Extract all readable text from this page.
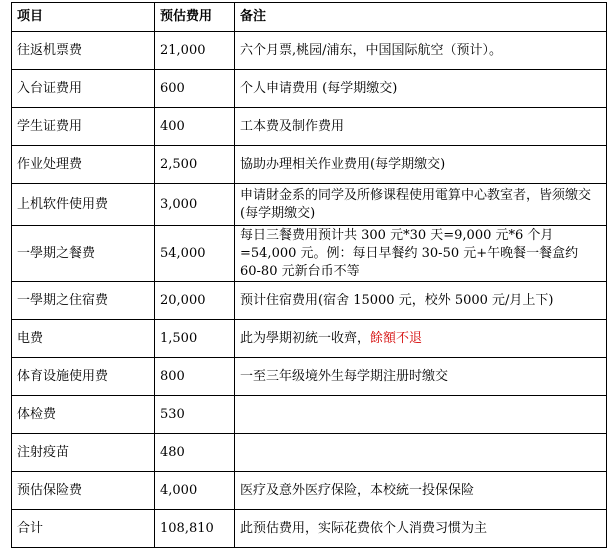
项目	预估费用	备注
往返机票费	21,000	六个月票,桃园/浦东，中国国际航空（预计）。
入台证费用	600	个人申请费用 (每学期缴交)
学生证费用	400	工本费及制作费用
作业处理费	2,500	協助办理相关作业费用(每学期缴交)
上机软件使用费	3,000	申请財金系的同学及所修课程使用電算中心教室者，皆须缴交(每学期缴交)
一學期之餐费	54,000	每日三餐费用预计共 300 元*30 天=9,000 元*6 个月=54,000 元。例：每日早餐约 30-50 元+午晚餐一餐盒约 60-80 元新台币不等
一學期之住宿费	20,000	预计住宿费用(宿舍 15000 元，校外 5000 元/月上下)
电费	1,500	此为學期初統一收齊，餘額不退
体育设施使用费	800	一至三年级境外生每学期注册时缴交
体检费	530	
注射疫苗	480	
预估保险费	4,000	医疗及意外医疗保险，本校統一投保保险
合计	108,810	此预估费用，实际花费依个人消费习惯为主
